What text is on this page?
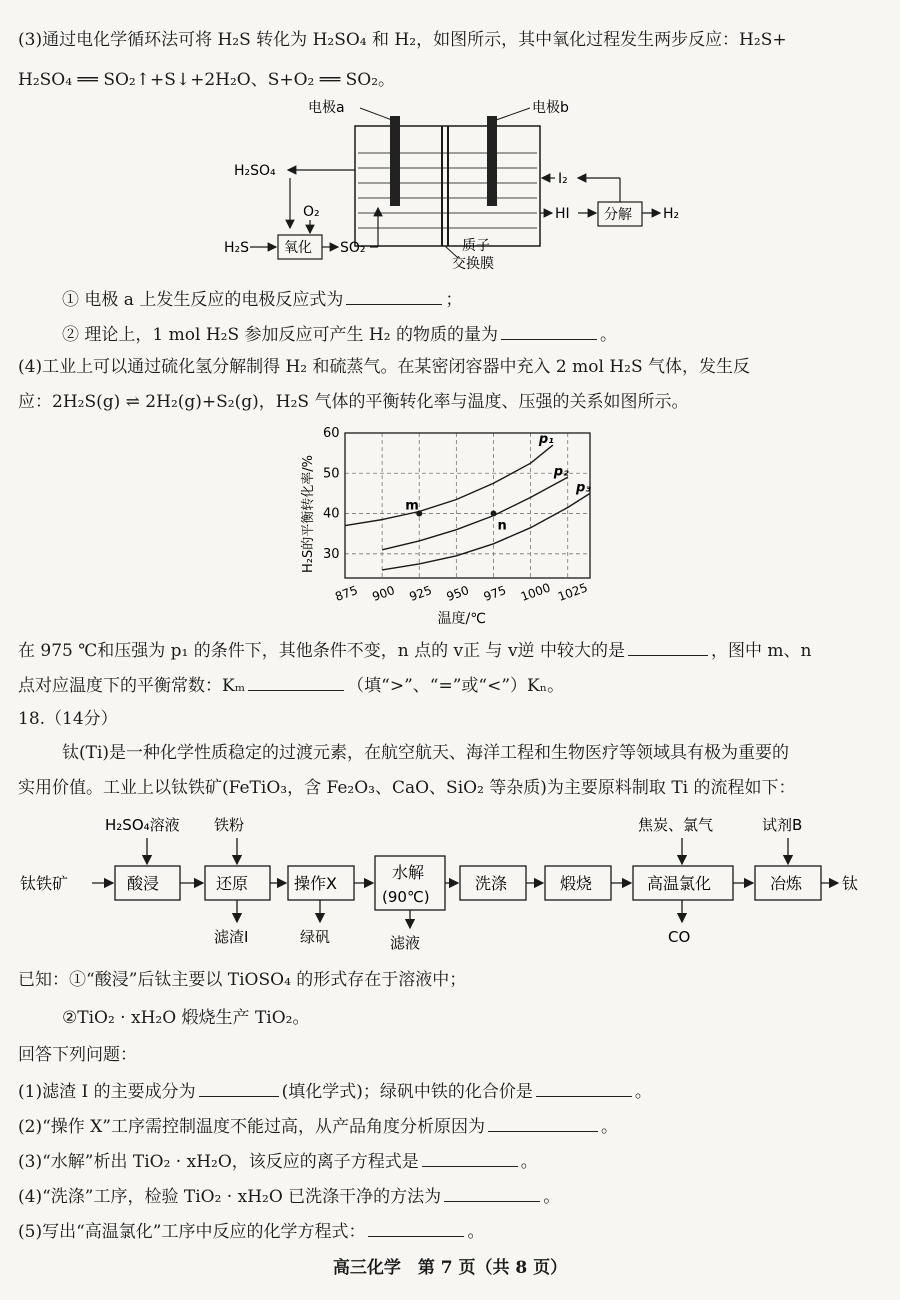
(3)通过电化学循环法可将 H₂S 转化为 H₂SO₄ 和 H₂，如图所示，其中氧化过程发生两步反应：H₂S+
H₂SO₄ ══ SO₂↑+S↓+2H₂O、S+O₂ ══ SO₂。
电极a	电极b
H₂SO₄
O₂
H₂S 氧化 SO₂	质子
交换膜
I₂
HI 分解 H₂
① 电极 a 上发生反应的电极反应式为	；
② 理论上，1 mol H₂S 参加反应可产生 H₂ 的物质的量为	。
(4)工业上可以通过硫化氢分解制得 H₂ 和硫蒸气。在某密闭容器中充入 2 mol H₂S 气体，发生反
应：2H₂S(g) ⇌ 2H₂(g)+S₂(g)，H₂S 气体的平衡转化率与温度、压强的关系如图所示。
875 900 925 950 975 1000 1025
30
40
50
60
温度/℃
H₂S的平衡转化率/%
p₁
p₂
p₃
m
n
在 975 ℃和压强为 p₁ 的条件下，其他条件不变，n 点的 v正 与 v逆 中较大的是	，图中 m、n
点对应温度下的平衡常数：Kₘ	（填“>”、“=”或“<”）Kₙ。
18.（14分）
钛(Ti)是一种化学性质稳定的过渡元素，在航空航天、海洋工程和生物医疗等领域具有极为重要的
实用价值。工业上以钛铁矿(FeTiO₃，含 Fe₂O₃、CaO、SiO₂ 等杂质)为主要原料制取 Ti 的流程如下：
钛铁矿	酸浸	还原	操作X
水解
(90℃)
洗涤	煅烧	高温氯化	冶炼 钛
H₂SO₄溶液 铁粉	焦炭、氯气	试剂B
滤渣I	绿矾	滤液	CO
已知：①“酸浸”后钛主要以 TiOSO₄ 的形式存在于溶液中；
②TiO₂ · xH₂O 煅烧生产 TiO₂。
回答下列问题：
(1)滤渣 I 的主要成分为	(填化学式)；绿矾中铁的化合价是	。
(2)“操作 X”工序需控制温度不能过高，从产品角度分析原因为	。
(3)“水解”析出 TiO₂ · xH₂O，该反应的离子方程式是	。
(4)“洗涤”工序，检验 TiO₂ · xH₂O 已洗涤干净的方法为	。
(5)写出“高温氯化”工序中反应的化学方程式：	。
高三化学　第 7 页（共 8 页）
